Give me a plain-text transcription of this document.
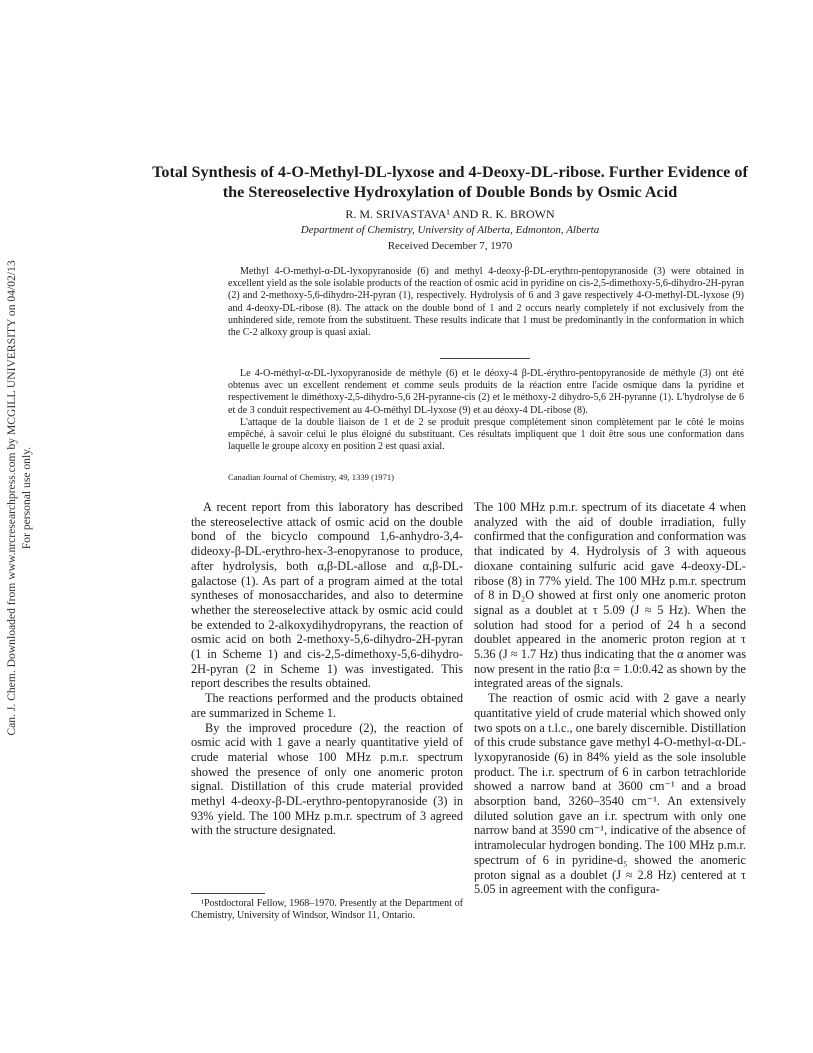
Can. J. Chem. Downloaded from www.nrcresearchpress.com by MCGILL UNIVERSITY on 04/02/13 For personal use only.
Total Synthesis of 4-O-Methyl-DL-lyxose and 4-Deoxy-DL-ribose. Further Evidence of the Stereoselective Hydroxylation of Double Bonds by Osmic Acid
R. M. SRIVASTAVA¹ AND R. K. BROWN
Department of Chemistry, University of Alberta, Edmonton, Alberta
Received December 7, 1970

Methyl 4-O-methyl-α-DL-lyxopyranoside (6) and methyl 4-deoxy-β-DL-erythro-pentopyranoside (3) were obtained in excellent yield as the sole isolable products of the reaction of osmic acid in pyridine on cis-2,5-dimethoxy-5,6-dihydro-2H-pyran (2) and 2-methoxy-5,6-dihydro-2H-pyran (1), respectively. Hydrolysis of 6 and 3 gave respectively 4-O-methyl-DL-lyxose (9) and 4-deoxy-DL-ribose (8). The attack on the double bond of 1 and 2 occurs nearly completely if not exclusively from the unhindered side, remote from the substituent. These results indicate that 1 must be predominantly in the conformation in which the C-2 alkoxy group is quasi axial.

Le 4-O-méthyl-α-DL-lyxopyranoside de méthyle (6) et le déoxy-4 β-DL-érythro-pentopyranoside de méthyle (3) ont été obtenus avec un excellent rendement et comme seuls produits de la réaction entre l'acide osmique dans la pyridine et respectivement le diméthoxy-2,5-dihydro-5,6 2H-pyranne-cis (2) et le méthoxy-2 dihydro-5,6 2H-pyranne (1). L'hydrolyse de 6 et de 3 conduit respectivement au 4-O-méthyl DL-lyxose (9) et au déoxy-4 DL-ribose (8).

L'attaque de la double liaison de 1 et de 2 se produit presque complètement sinon complètement par le côté le moins empêché, à savoir celui le plus éloigné du substituant. Ces résultats impliquent que 1 doit être sous une conformation dans laquelle le groupe alcoxy en position 2 est quasi axial.

Canadian Journal of Chemistry, 49, 1339 (1971)

A recent report from this laboratory has described the stereoselective attack of osmic acid on the double bond of the bicyclo compound 1,6-anhydro-3,4-dideoxy-β-DL-erythro-hex-3-enopyranose to produce, after hydrolysis, both α,β-DL-allose and α,β-DL-galactose (1). As part of a program aimed at the total syntheses of monosaccharides, and also to determine whether the stereoselective attack by osmic acid could be extended to 2-alkoxydihydropyrans, the reaction of osmic acid on both 2-methoxy-5,6-dihydro-2H-pyran (1 in Scheme 1) and cis-2,5-dimethoxy-5,6-dihydro-2H-pyran (2 in Scheme 1) was investigated. This report describes the results obtained.

The reactions performed and the products obtained are summarized in Scheme 1.

By the improved procedure (2), the reaction of osmic acid with 1 gave a nearly quantitative yield of crude material whose 100 MHz p.m.r. spectrum showed the presence of only one anomeric proton signal. Distillation of this crude material provided methyl 4-deoxy-β-DL-erythro-pentopyranoside (3) in 93% yield. The 100 MHz p.m.r. spectrum of 3 agreed with the structure designated.

The 100 MHz p.m.r. spectrum of its diacetate 4 when analyzed with the aid of double irradiation, fully confirmed that the configuration and conformation was that indicated by 4. Hydrolysis of 3 with aqueous dioxane containing sulfuric acid gave 4-deoxy-DL-ribose (8) in 77% yield. The 100 MHz p.m.r. spectrum of 8 in D₂O showed at first only one anomeric proton signal as a doublet at τ 5.09 (J ≈ 5 Hz). When the solution had stood for a period of 24 h a second doublet appeared in the anomeric proton region at τ 5.36 (J ≈ 1.7 Hz) thus indicating that the α anomer was now present in the ratio β:α = 1.0:0.42 as shown by the integrated areas of the signals.

The reaction of osmic acid with 2 gave a nearly quantitative yield of crude material which showed only two spots on a t.l.c., one barely discernible. Distillation of this crude substance gave methyl 4-O-methyl-α-DL-lyxopyranoside (6) in 84% yield as the sole insoluble product. The i.r. spectrum of 6 in carbon tetrachloride showed a narrow band at 3600 cm⁻¹ and a broad absorption band, 3260–3540 cm⁻¹. An extensively diluted solution gave an i.r. spectrum with only one narrow band at 3590 cm⁻¹, indicative of the absence of intramolecular hydrogen bonding. The 100 MHz p.m.r. spectrum of 6 in pyridine-d₅ showed the anomeric proton signal as a doublet (J ≈ 2.8 Hz) centered at τ 5.05 in agreement with the configura-

¹Postdoctoral Fellow, 1968–1970. Presently at the Department of Chemistry, University of Windsor, Windsor 11, Ontario.
